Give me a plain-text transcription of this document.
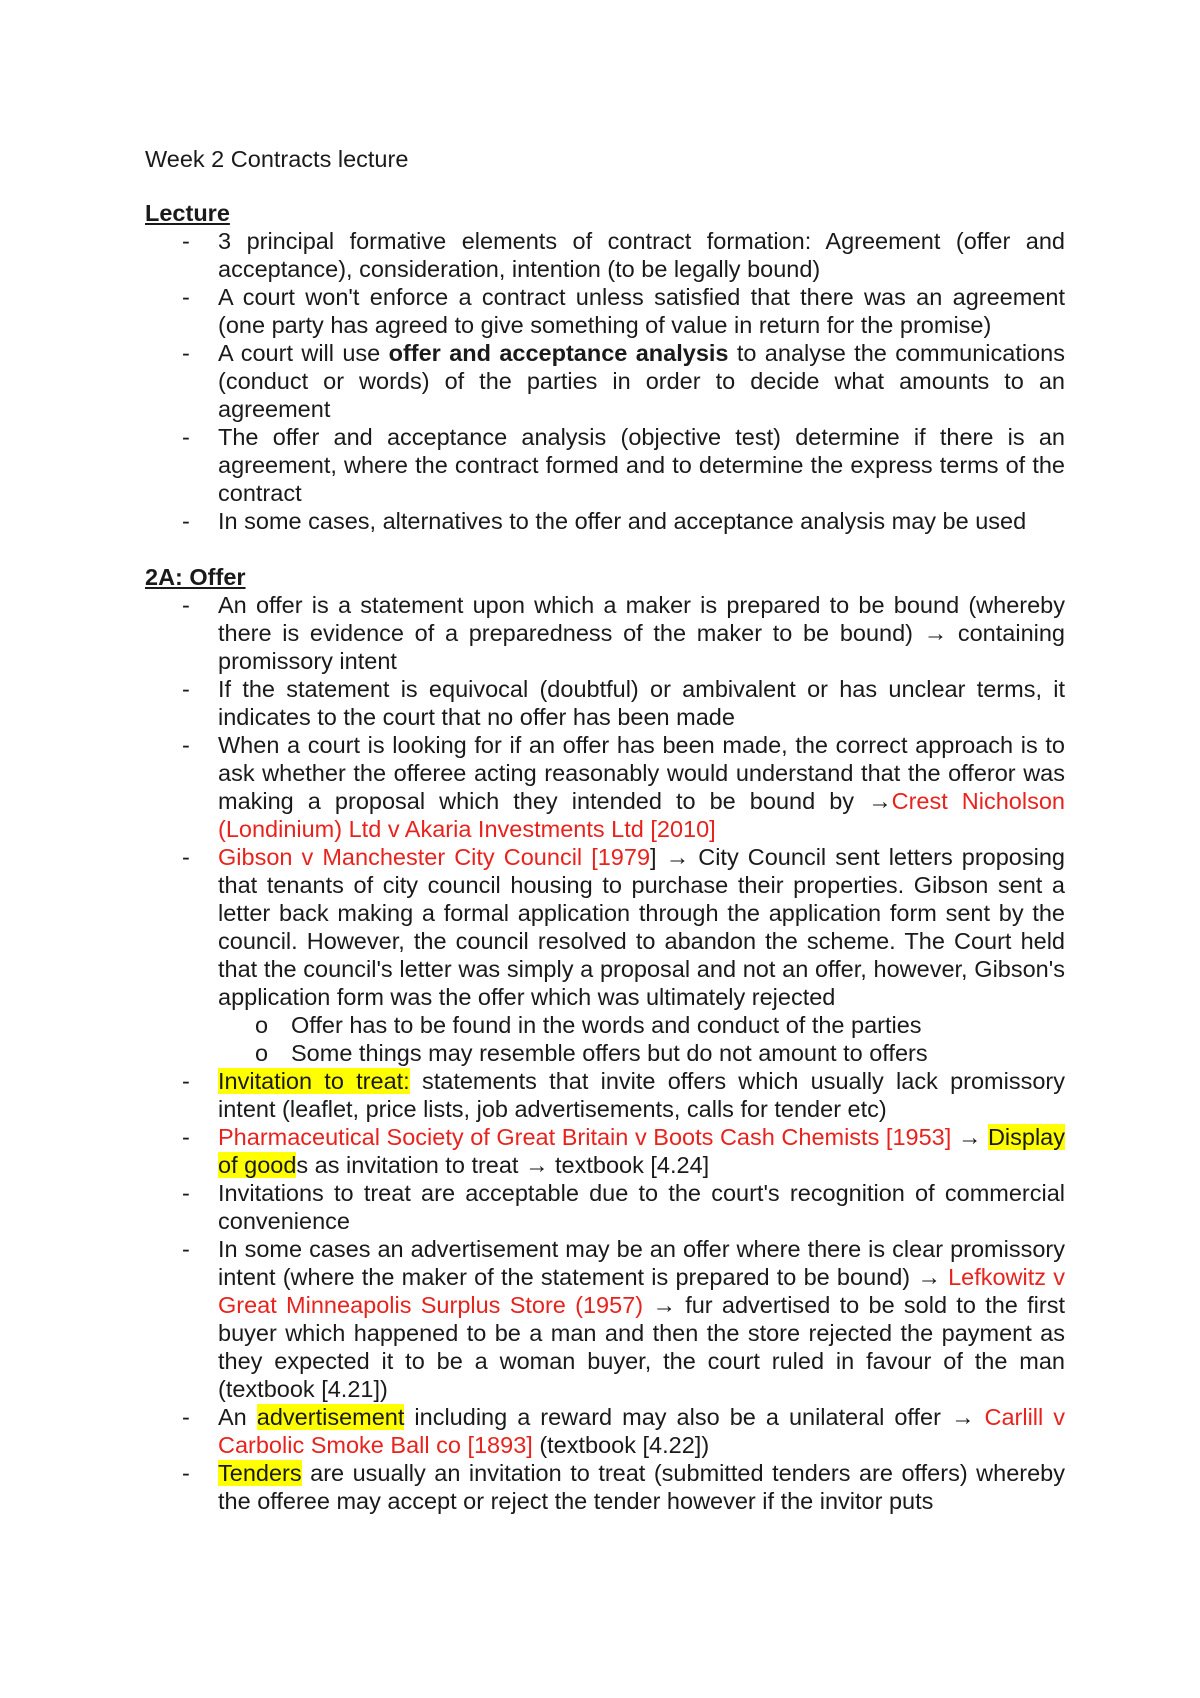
Week 2 Contracts lecture

Lecture

- 3 principal formative elements of contract formation: Agreement (offer and acceptance), consideration, intention (to be legally bound)
- A court won't enforce a contract unless satisfied that there was an agreement (one party has agreed to give something of value in return for the promise)
- A court will use offer and acceptance analysis to analyse the communications (conduct or words) of the parties in order to decide what amounts to an agreement
- The offer and acceptance analysis (objective test) determine if there is an agreement, where the contract formed and to determine the express terms of the contract
- In some cases, alternatives to the offer and acceptance analysis may be used

2A: Offer

- An offer is a statement upon which a maker is prepared to be bound (whereby there is evidence of a preparedness of the maker to be bound) → containing promissory intent
- If the statement is equivocal (doubtful) or ambivalent or has unclear terms, it indicates to the court that no offer has been made
- When a court is looking for if an offer has been made, the correct approach is to ask whether the offeree acting reasonably would understand that the offeror was making a proposal which they intended to be bound by →Crest Nicholson (Londinium) Ltd v Akaria Investments Ltd [2010]
- Gibson v Manchester City Council [1979] → City Council sent letters proposing that tenants of city council housing to purchase their properties. Gibson sent a letter back making a formal application through the application form sent by the council. However, the council resolved to abandon the scheme. The Court held that the council's letter was simply a proposal and not an offer, however, Gibson's application form was the offer which was ultimately rejected
o Offer has to be found in the words and conduct of the parties
o Some things may resemble offers but do not amount to offers
- Invitation to treat: statements that invite offers which usually lack promissory intent (leaflet, price lists, job advertisements, calls for tender etc)
- Pharmaceutical Society of Great Britain v Boots Cash Chemists [1953] → Display of goods as invitation to treat → textbook [4.24]
- Invitations to treat are acceptable due to the court's recognition of commercial convenience
- In some cases an advertisement may be an offer where there is clear promissory intent (where the maker of the statement is prepared to be bound) → Lefkowitz v Great Minneapolis Surplus Store (1957) → fur advertised to be sold to the first buyer which happened to be a man and then the store rejected the payment as they expected it to be a woman buyer, the court ruled in favour of the man (textbook [4.21])
- An advertisement including a reward may also be a unilateral offer → Carlill v Carbolic Smoke Ball co [1893] (textbook [4.22])
- Tenders are usually an invitation to treat (submitted tenders are offers) whereby the offeree may accept or reject the tender however if the invitor puts
